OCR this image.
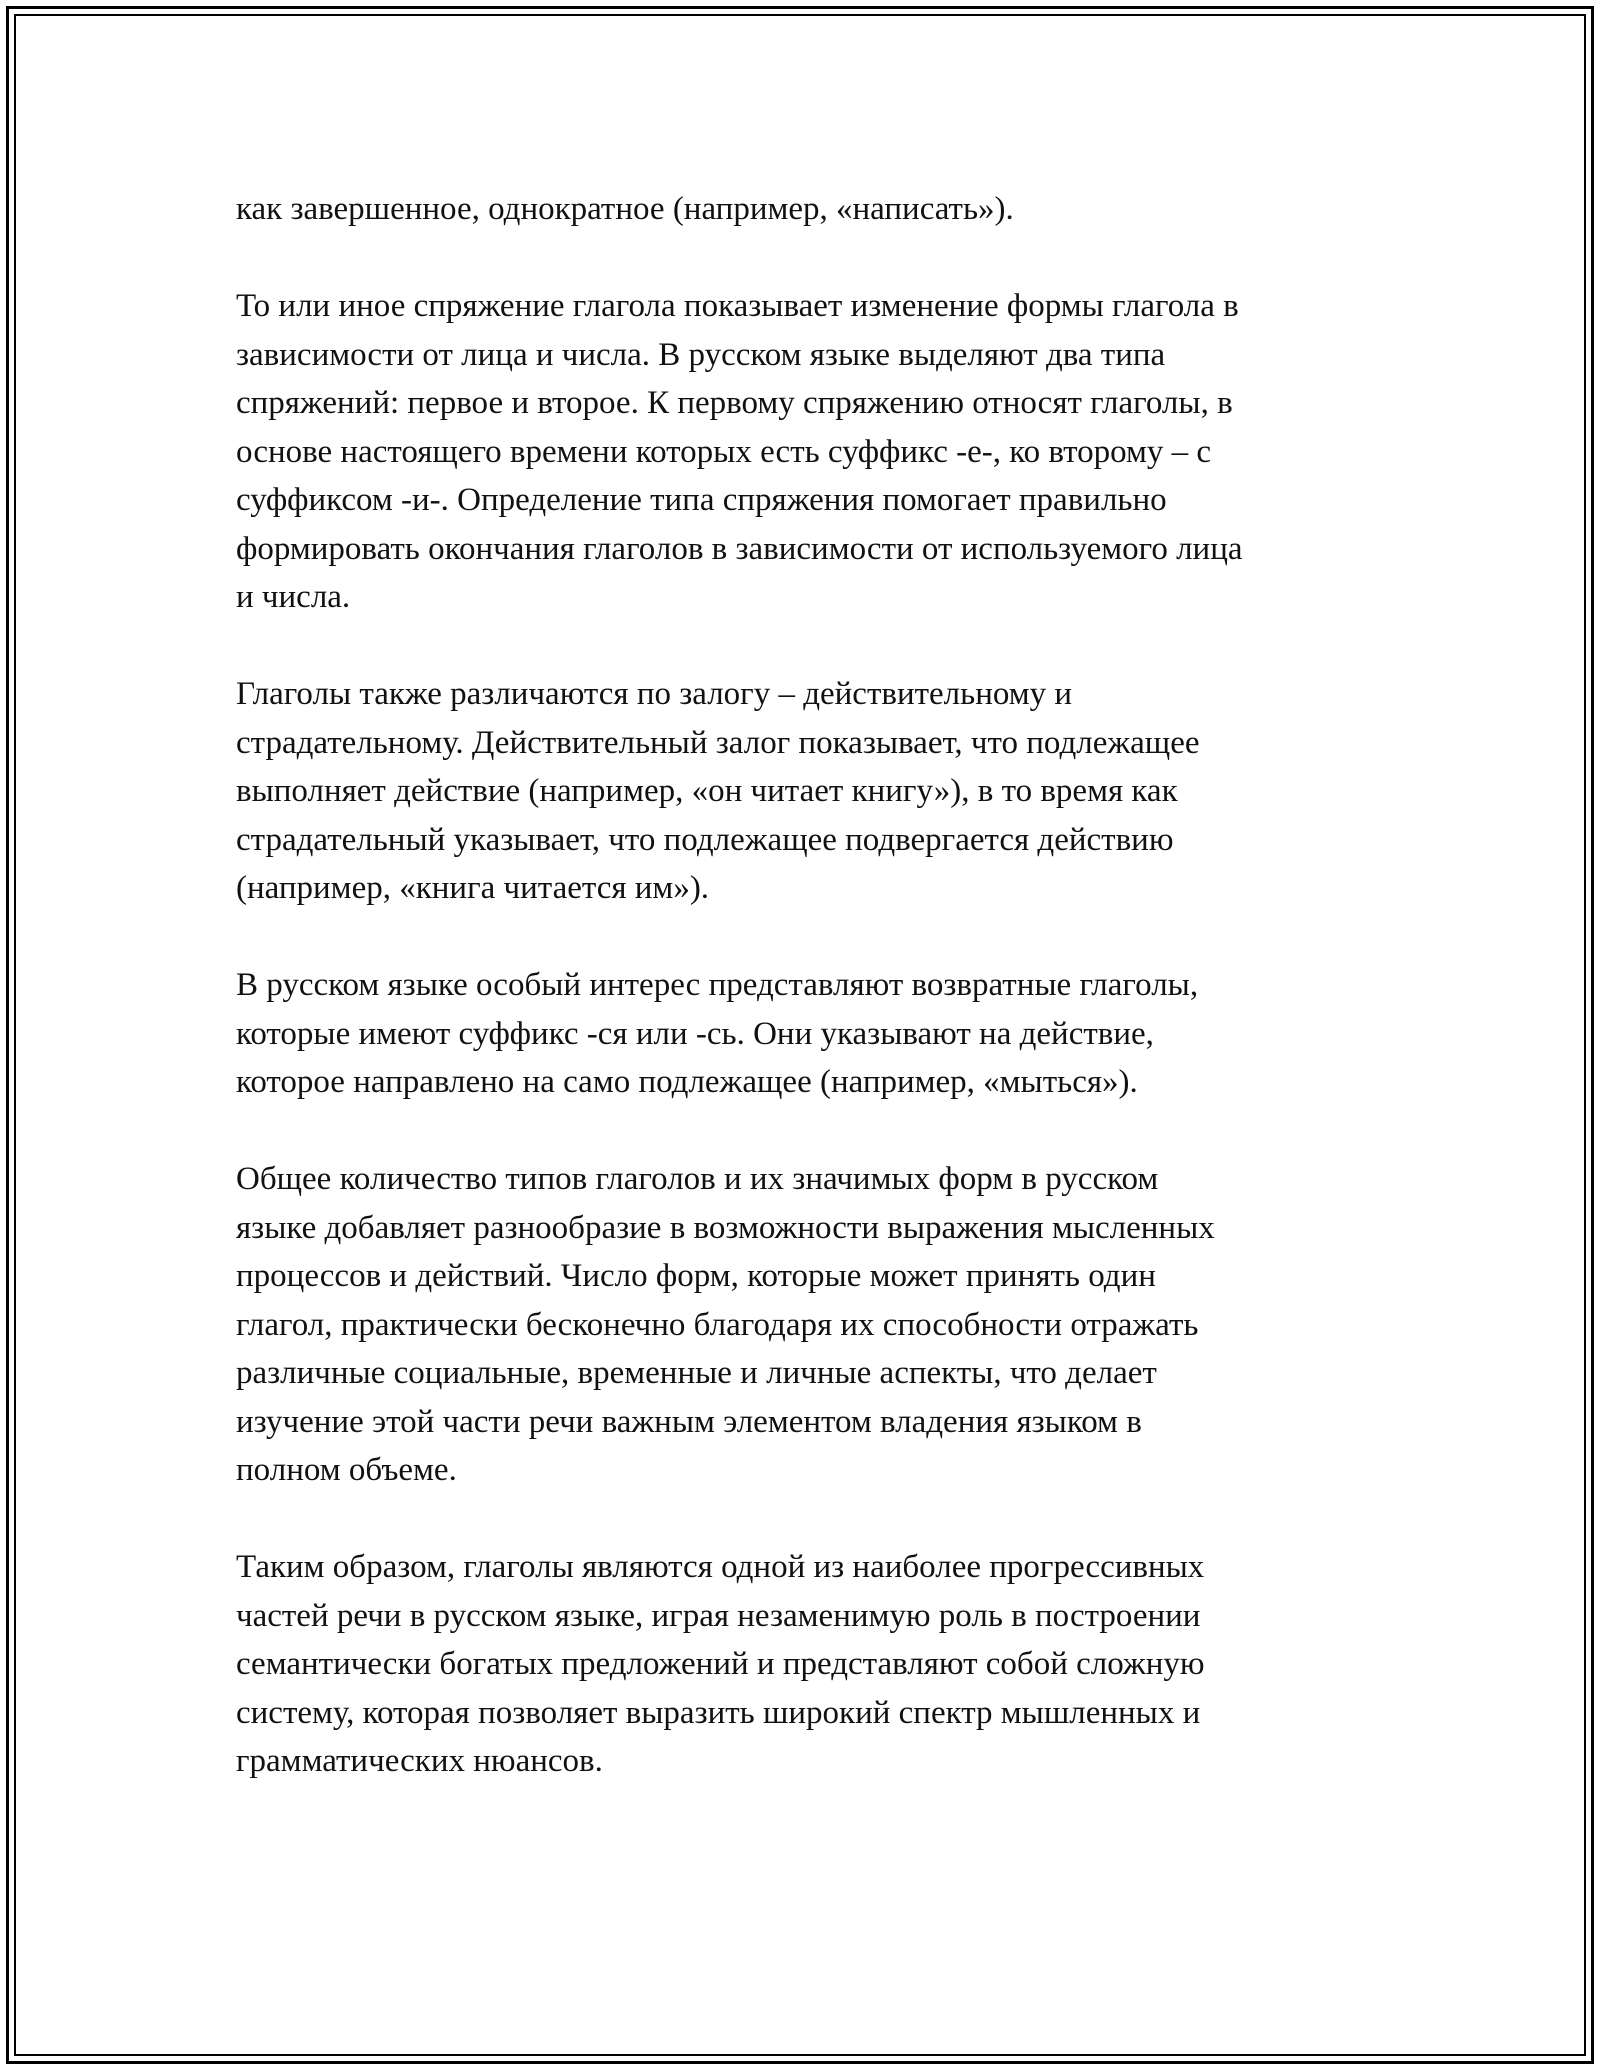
как завершенное, однократное (например, «написать»).

То или иное спряжение глагола показывает изменение формы глагола в
зависимости от лица и числа. В русском языке выделяют два типа
спряжений: первое и второе. К первому спряжению относят глаголы, в
основе настоящего времени которых есть суффикс -е-, ко второму – с
суффиксом -и-. Определение типа спряжения помогает правильно
формировать окончания глаголов в зависимости от используемого лица
и числа.

Глаголы также различаются по залогу – действительному и
страдательному. Действительный залог показывает, что подлежащее
выполняет действие (например, «он читает книгу»), в то время как
страдательный указывает, что подлежащее подвергается действию
(например, «книга читается им»).

В русском языке особый интерес представляют возвратные глаголы,
которые имеют суффикс -ся или -сь. Они указывают на действие,
которое направлено на само подлежащее (например, «мыться»).

Общее количество типов глаголов и их значимых форм в русском
языке добавляет разнообразие в возможности выражения мысленных
процессов и действий. Число форм, которые может принять один
глагол, практически бесконечно благодаря их способности отражать
различные социальные, временные и личные аспекты, что делает
изучение этой части речи важным элементом владения языком в
полном объеме.

Таким образом, глаголы являются одной из наиболее прогрессивных
частей речи в русском языке, играя незаменимую роль в построении
семантически богатых предложений и представляют собой сложную
систему, которая позволяет выразить широкий спектр мышленных и
грамматических нюансов.
